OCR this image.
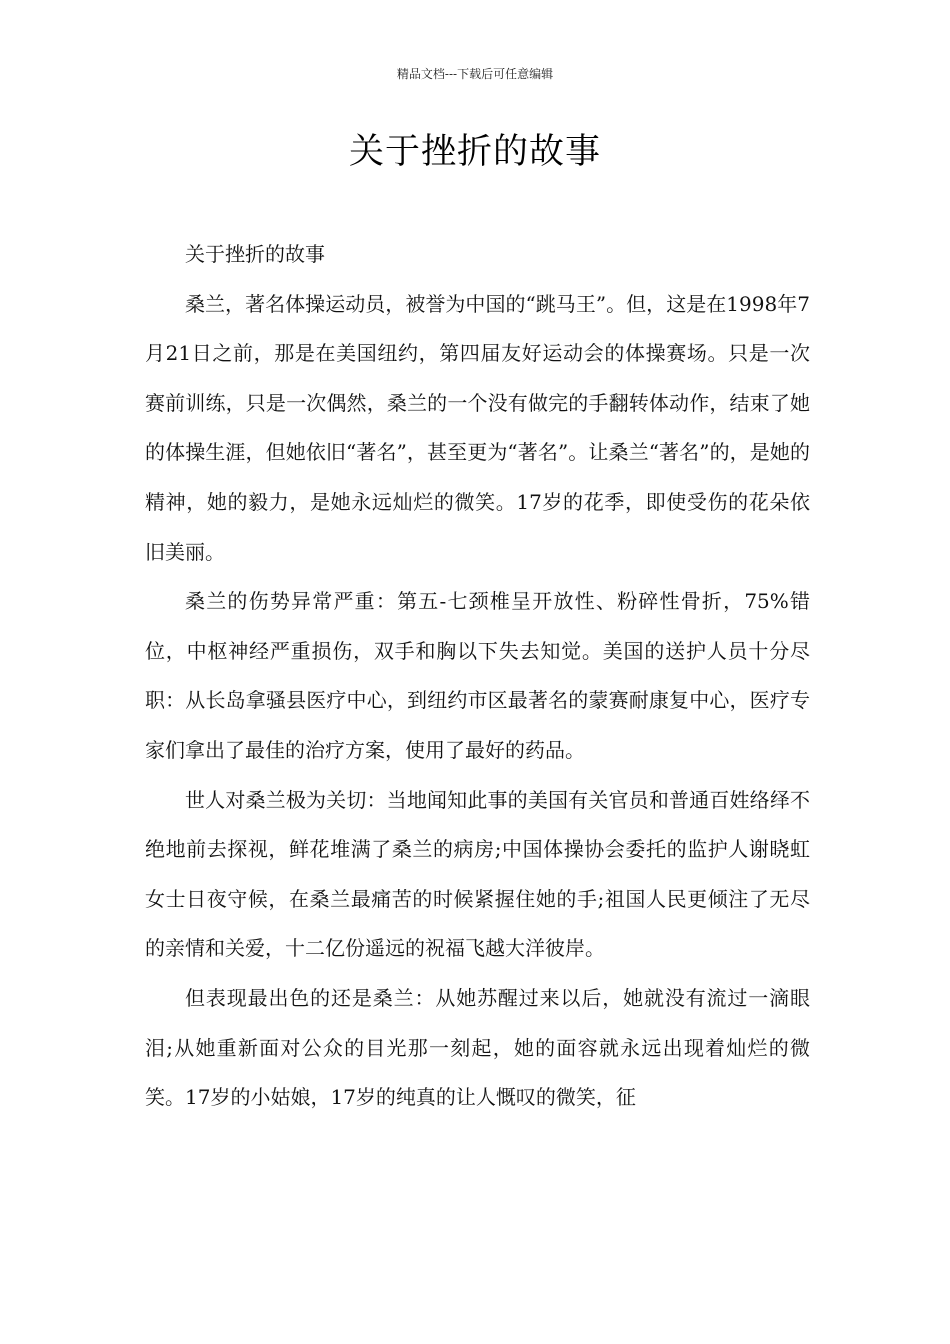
精品文档---下载后可任意编辑
关于挫折的故事

关于挫折的故事

桑兰，著名体操运动员，被誉为中国的“跳马王”。但，这是在1998年7月21日之前，那是在美国纽约，第四届友好运动会的体操赛场。只是一次赛前训练，只是一次偶然，桑兰的一个没有做完的手翻转体动作，结束了她的体操生涯，但她依旧“著名”，甚至更为“著名”。让桑兰“著名”的，是她的精神，她的毅力，是她永远灿烂的微笑。17岁的花季，即使受伤的花朵依旧美丽。

桑兰的伤势异常严重：第五-七颈椎呈开放性、粉碎性骨折，75%错位，中枢神经严重损伤，双手和胸以下失去知觉。美国的送护人员十分尽职：从长岛拿骚县医疗中心，到纽约市区最著名的蒙赛耐康复中心，医疗专家们拿出了最佳的治疗方案，使用了最好的药品。

世人对桑兰极为关切：当地闻知此事的美国有关官员和普通百姓络绎不绝地前去探视，鲜花堆满了桑兰的病房;中国体操协会委托的监护人谢晓虹女士日夜守候，在桑兰最痛苦的时候紧握住她的手;祖国人民更倾注了无尽的亲情和关爱，十二亿份遥远的祝福飞越大洋彼岸。

但表现最出色的还是桑兰：从她苏醒过来以后，她就没有流过一滴眼泪;从她重新面对公众的目光那一刻起，她的面容就永远出现着灿烂的微笑。17岁的小姑娘，17岁的纯真的让人慨叹的微笑，征
